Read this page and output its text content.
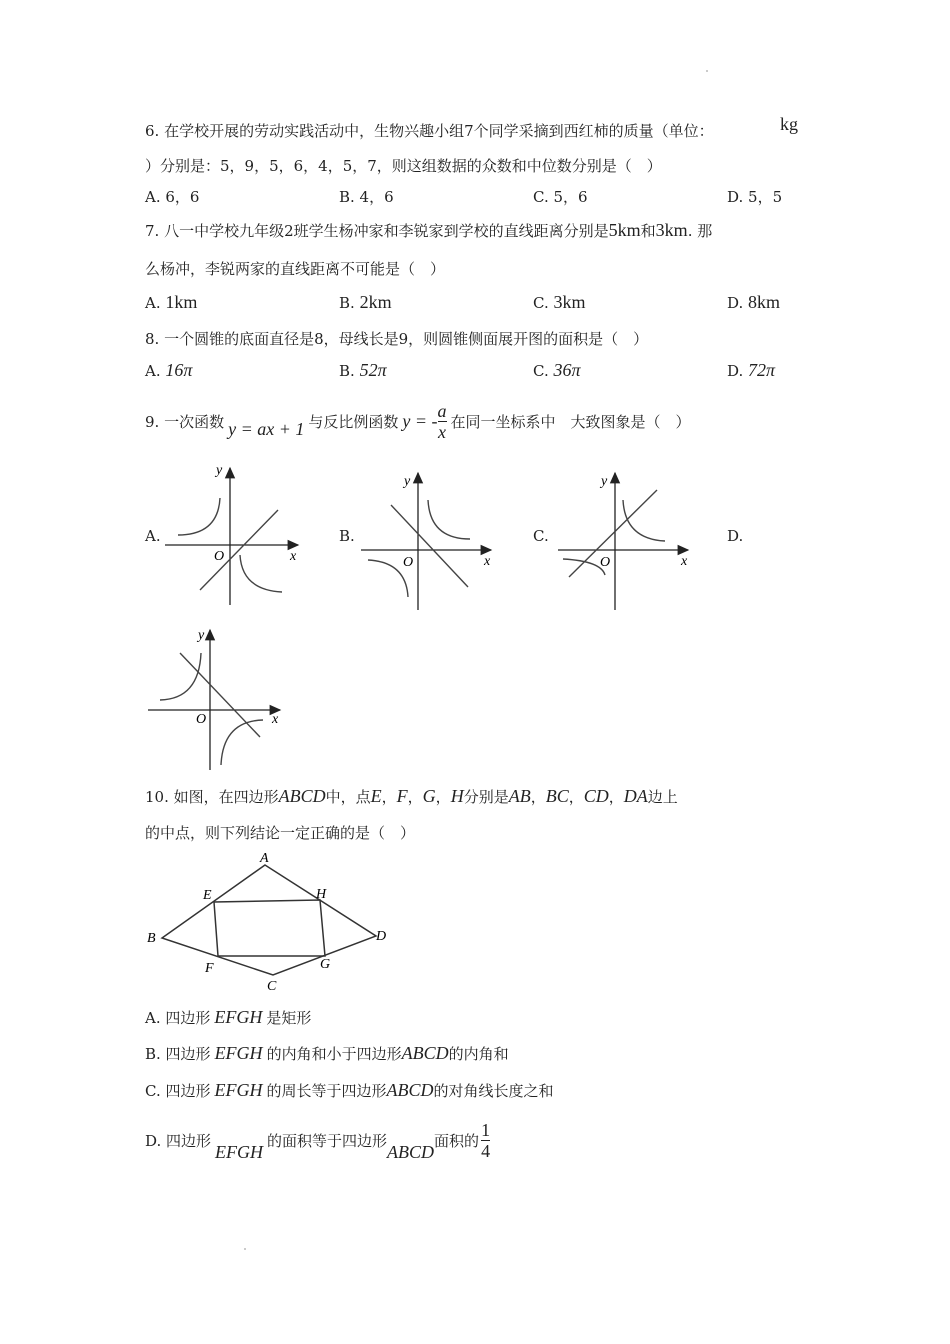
6. 在学校开展的劳动实践活动中，生物兴趣小组7个同学采摘到西红柿的质量（单位：	kg
）分别是：5，9，5，6，4，5，7，则这组数据的众数和中位数分别是（　）
A. 6，6	B. 4，6	C. 5，6	D. 5，5
7. 八一中学校九年级2班学生杨冲家和李锐家到学校的直线距离分别是5km和3km. 那
么杨冲，李锐两家的直线距离不可能是（　）
A. 1km	B. 2km	C. 3km	D. 8km
8. 一个圆锥的底面直径是8，母线长是9，则圆锥侧面展开图的面积是（　）
A. 16π	B. 52π	C. 36π	D. 72π
9. 一次函数 y = ax + 1 与反比例函数 y = - $\frac{a}{x}$ 在同一坐标系中　大致图象是（　）
A.	B.	C.	D.
y
x
O
y
x
O
y
x
O
y
x
O
10. 如图，在四边形ABCD中，点E，F，G，H分别是AB，BC，CD，DA边上
的中点，则下列结论一定正确的是（　）
A
B
C
D
E
F	G
H
A. 四边形 EFGH 是矩形
B. 四边形 EFGH 的内角和小于四边形ABCD的内角和
C. 四边形 EFGH 的周长等于四边形ABCD的对角线长度之和
D. 四边形
EFGH
的面积等于四边形
ABCD
面积的 $\frac{1}{4}$
